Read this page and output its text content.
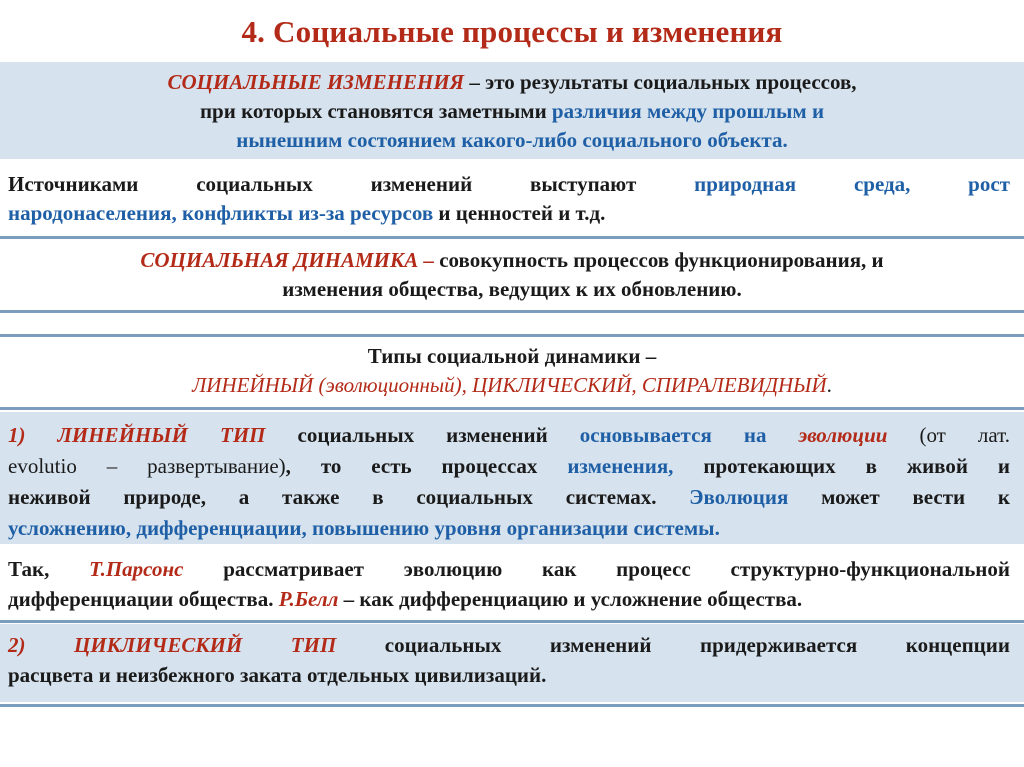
4. Социальные процессы и изменения
СОЦИАЛЬНЫЕ ИЗМЕНЕНИЯ – это результаты социальных процессов,
при которых становятся заметными различия между прошлым и
нынешним состоянием какого-либо социального объекта.
Источниками социальных изменений выступают природная среда, рост
народонаселения, конфликты из-за ресурсов и ценностей и т.д.
СОЦИАЛЬНАЯ ДИНАМИКА – совокупность процессов функционирования, и
изменения общества, ведущих к их обновлению.
Типы социальной динамики –
ЛИНЕЙНЫЙ (эволюционный), ЦИКЛИЧЕСКИЙ, СПИРАЛЕВИДНЫЙ.
1) ЛИНЕЙНЫЙ ТИП социальных изменений основывается на эволюции (от лат.
evolutio – развертывание), то есть процессах изменения, протекающих в живой и
неживой природе, а также в социальных системах. Эволюция может вести к
усложнению, дифференциации, повышению уровня организации системы.
Так, Т.Парсонс рассматривает эволюцию как процесс структурно-функциональной
дифференциации общества. Р.Белл – как дифференциацию и усложнение общества.
2) ЦИКЛИЧЕСКИЙ ТИП социальных изменений придерживается концепции
расцвета и неизбежного заката отдельных цивилизаций.
